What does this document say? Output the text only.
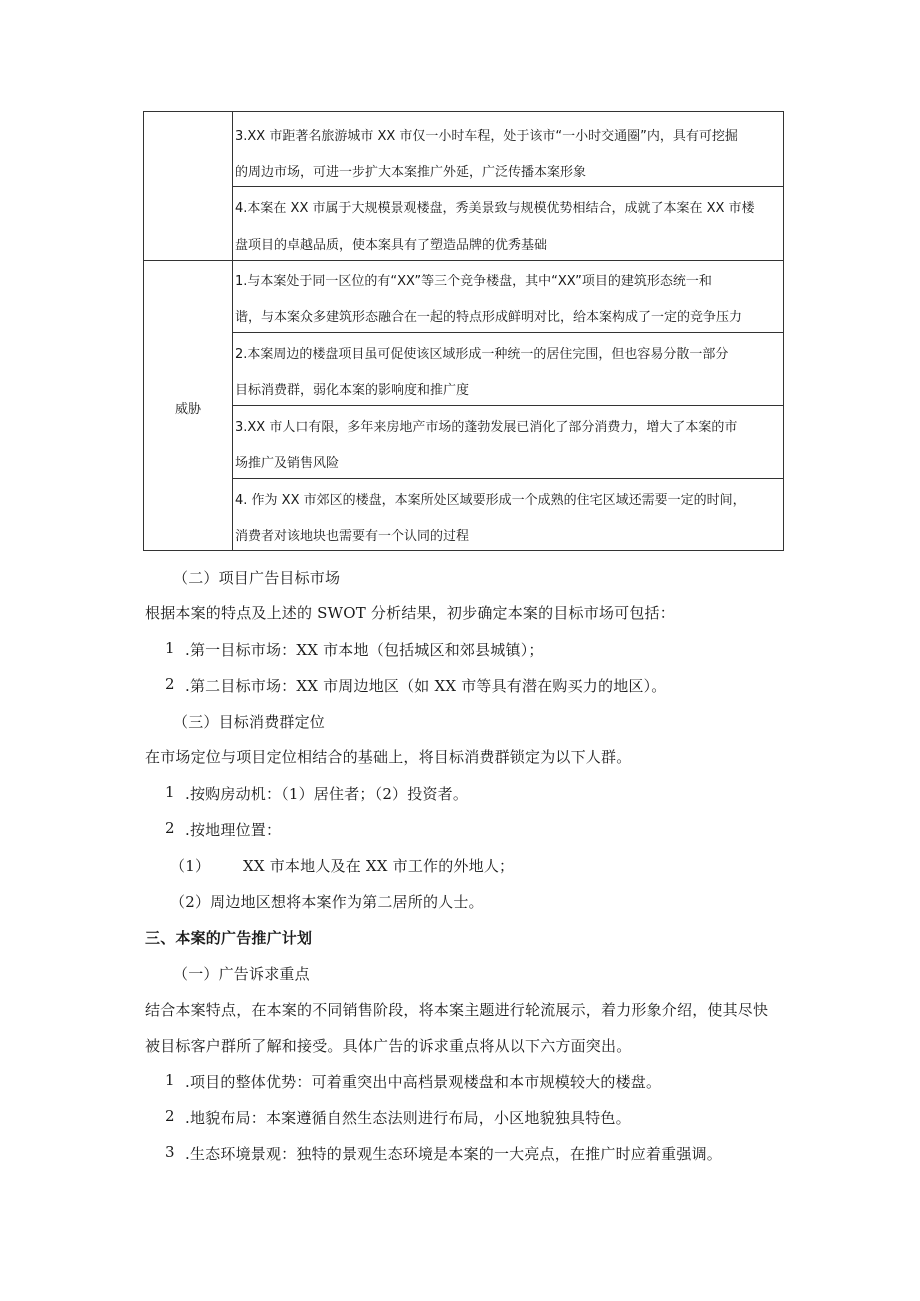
3.XX 市距著名旅游城市 XX 市仅一小时车程，处于该市“一小时交通圈”内，具有可挖掘
的周边市场，可进一步扩大本案推广外延，广泛传播本案形象
4.本案在 XX 市属于大规模景观楼盘，秀美景致与规模优势相结合，成就了本案在 XX 市楼
盘项目的卓越品质，使本案具有了塑造品牌的优秀基础
威胁
1.与本案处于同一区位的有“XX”等三个竞争楼盘，其中“XX”项目的建筑形态统一和
谐，与本案众多建筑形态融合在一起的特点形成鲜明对比，给本案构成了一定的竞争压力
2.本案周边的楼盘项目虽可促使该区域形成一种统一的居住完围，但也容易分散一部分
目标消费群，弱化本案的影响度和推广度
3.XX 市人口有限，多年来房地产市场的蓬勃发展已消化了部分消费力，增大了本案的市
场推广及销售风险
4. 作为 XX 市郊区的楼盘，本案所处区域要形成一个成熟的住宅区域还需要一定的时间，
消费者对该地块也需要有一个认同的过程
（二）项目广告目标市场
根据本案的特点及上述的 SWOT 分析结果，初步确定本案的目标市场可包括：
1 .第一目标市场：XX 市本地（包括城区和郊县城镇）；
2 .第二目标市场：XX 市周边地区（如 XX 市等具有潜在购买力的地区）。
（三）目标消费群定位
在市场定位与项目定位相结合的基础上，将目标消费群锁定为以下人群。
1 .按购房动机：（1）居住者；（2）投资者。
2 .按地理位置：
（1） XX 市本地人及在 XX 市工作的外地人；
（2）周边地区想将本案作为第二居所的人士。
三、本案的广告推广计划
（一）广告诉求重点
结合本案特点，在本案的不同销售阶段，将本案主题进行轮流展示，着力形象介绍，使其尽快
被目标客户群所了解和接受。具体广告的诉求重点将从以下六方面突出。
1 .项目的整体优势：可着重突出中高档景观楼盘和本市规模较大的楼盘。
2 .地貌布局：本案遵循自然生态法则进行布局，小区地貌独具特色。
3 .生态环境景观：独特的景观生态环境是本案的一大亮点，在推广时应着重强调。
